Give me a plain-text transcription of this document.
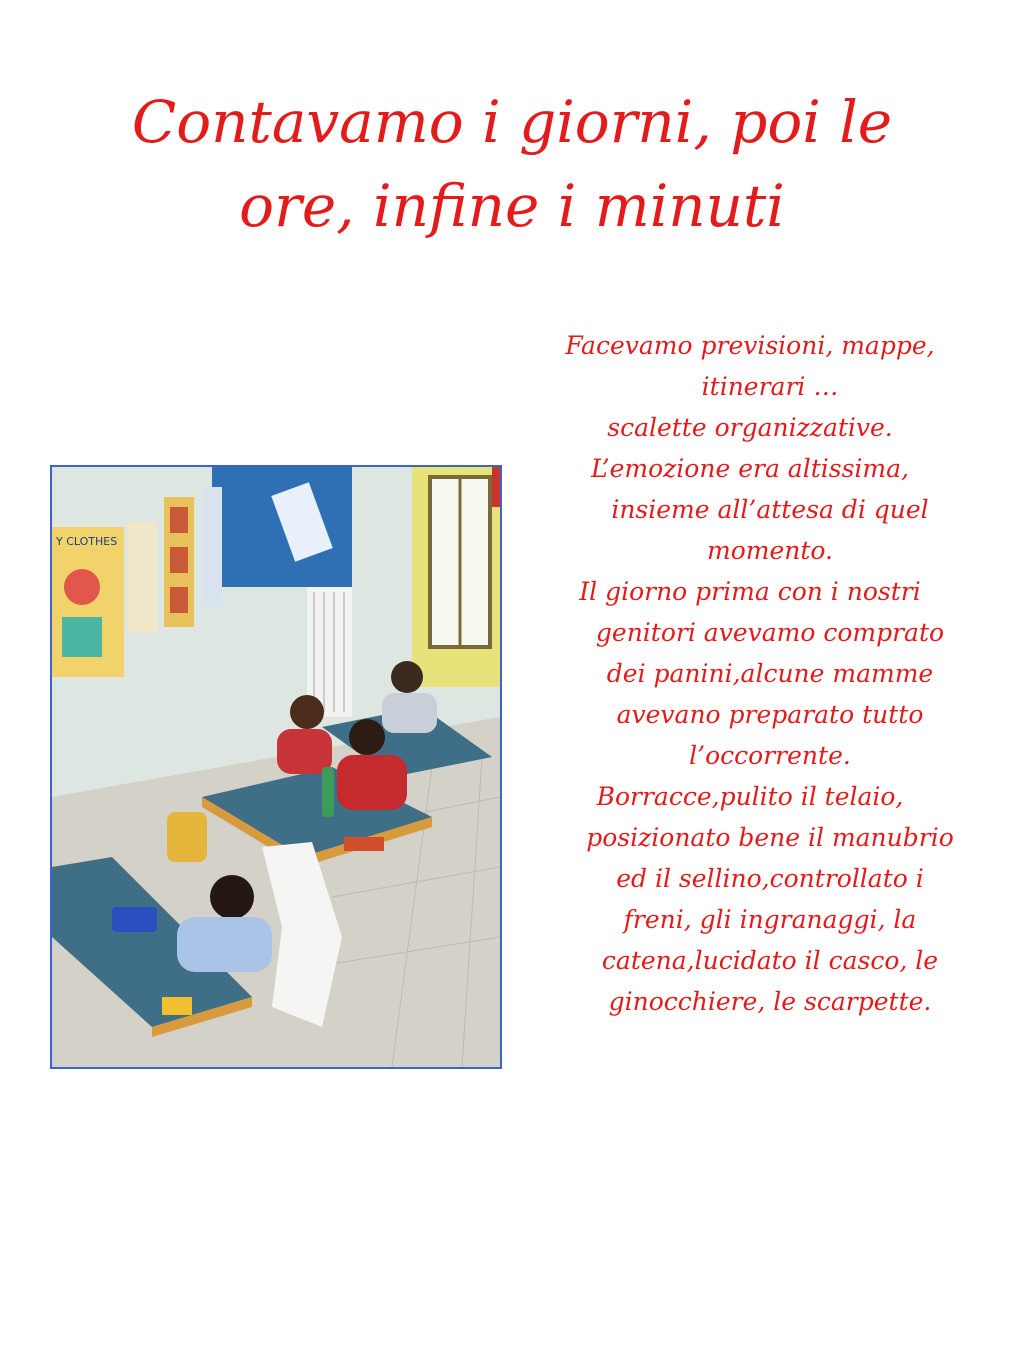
Contavamo i giorni, poi le
ore, infine i minuti
Y CLOTHES

Facevamo previsioni, mappe, itinerari …

scalette organizzative.

L’emozione era altissima, insieme all’attesa di quel momento.

Il giorno prima con i nostri genitori avevamo comprato dei panini,alcune mamme avevano preparato tutto l’occorrente.

Borracce,pulito il telaio, posizionato bene il manubrio ed il sellino,controllato i freni, gli ingranaggi, la catena,lucidato il casco, le ginocchiere, le scarpette.
